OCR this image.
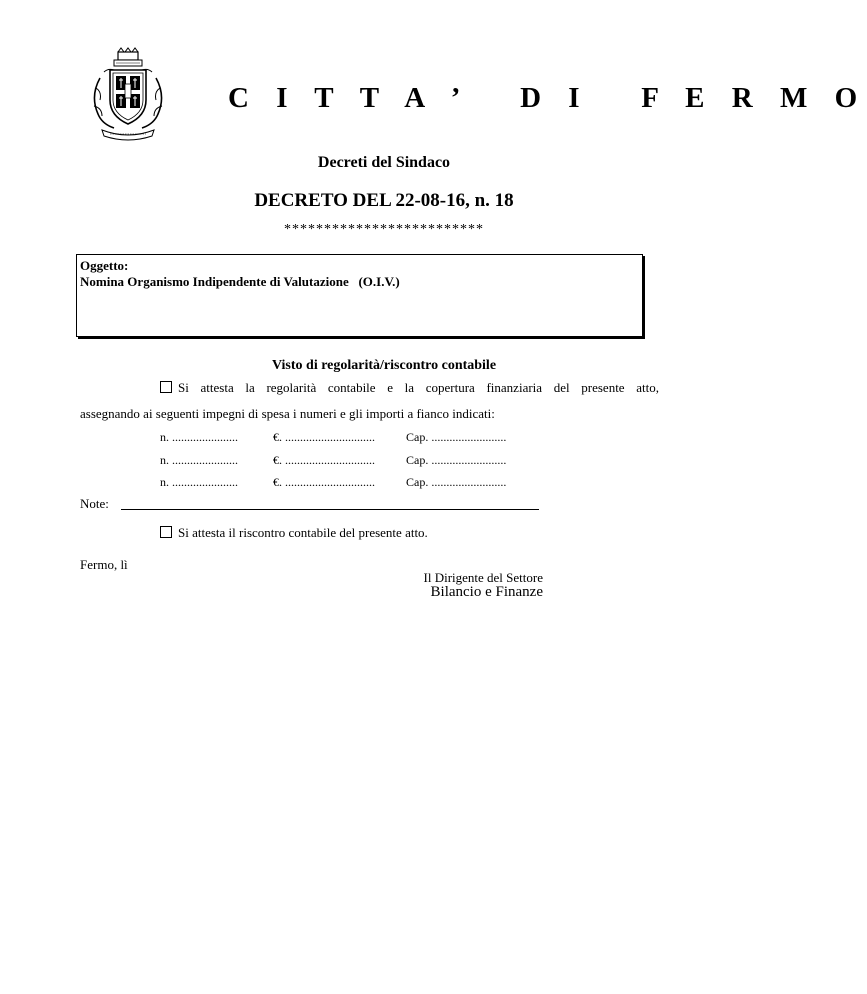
C I T T A ’   D I   F E R M O
Decreti del Sindaco
DECRETO DEL 22-08-16, n. 18
*************************
Oggetto:
Nomina Organismo Indipendente di Valutazione   (O.I.V.)
Visto di regolarità/riscontro contabile
Si attesta la regolarità contabile e la copertura finanziaria del presente atto,
assegnando ai seguenti impegni di spesa i numeri e gli importi a fianco indicati:
n. ......................	€. ..............................	Cap. .........................
n. ......................	€. ..............................	Cap. .........................
n. ......................	€. ..............................	Cap. .........................
Note:
Si attesta il riscontro contabile del presente atto.
Fermo, lì
Il Dirigente del Settore
Bilancio e Finanze
